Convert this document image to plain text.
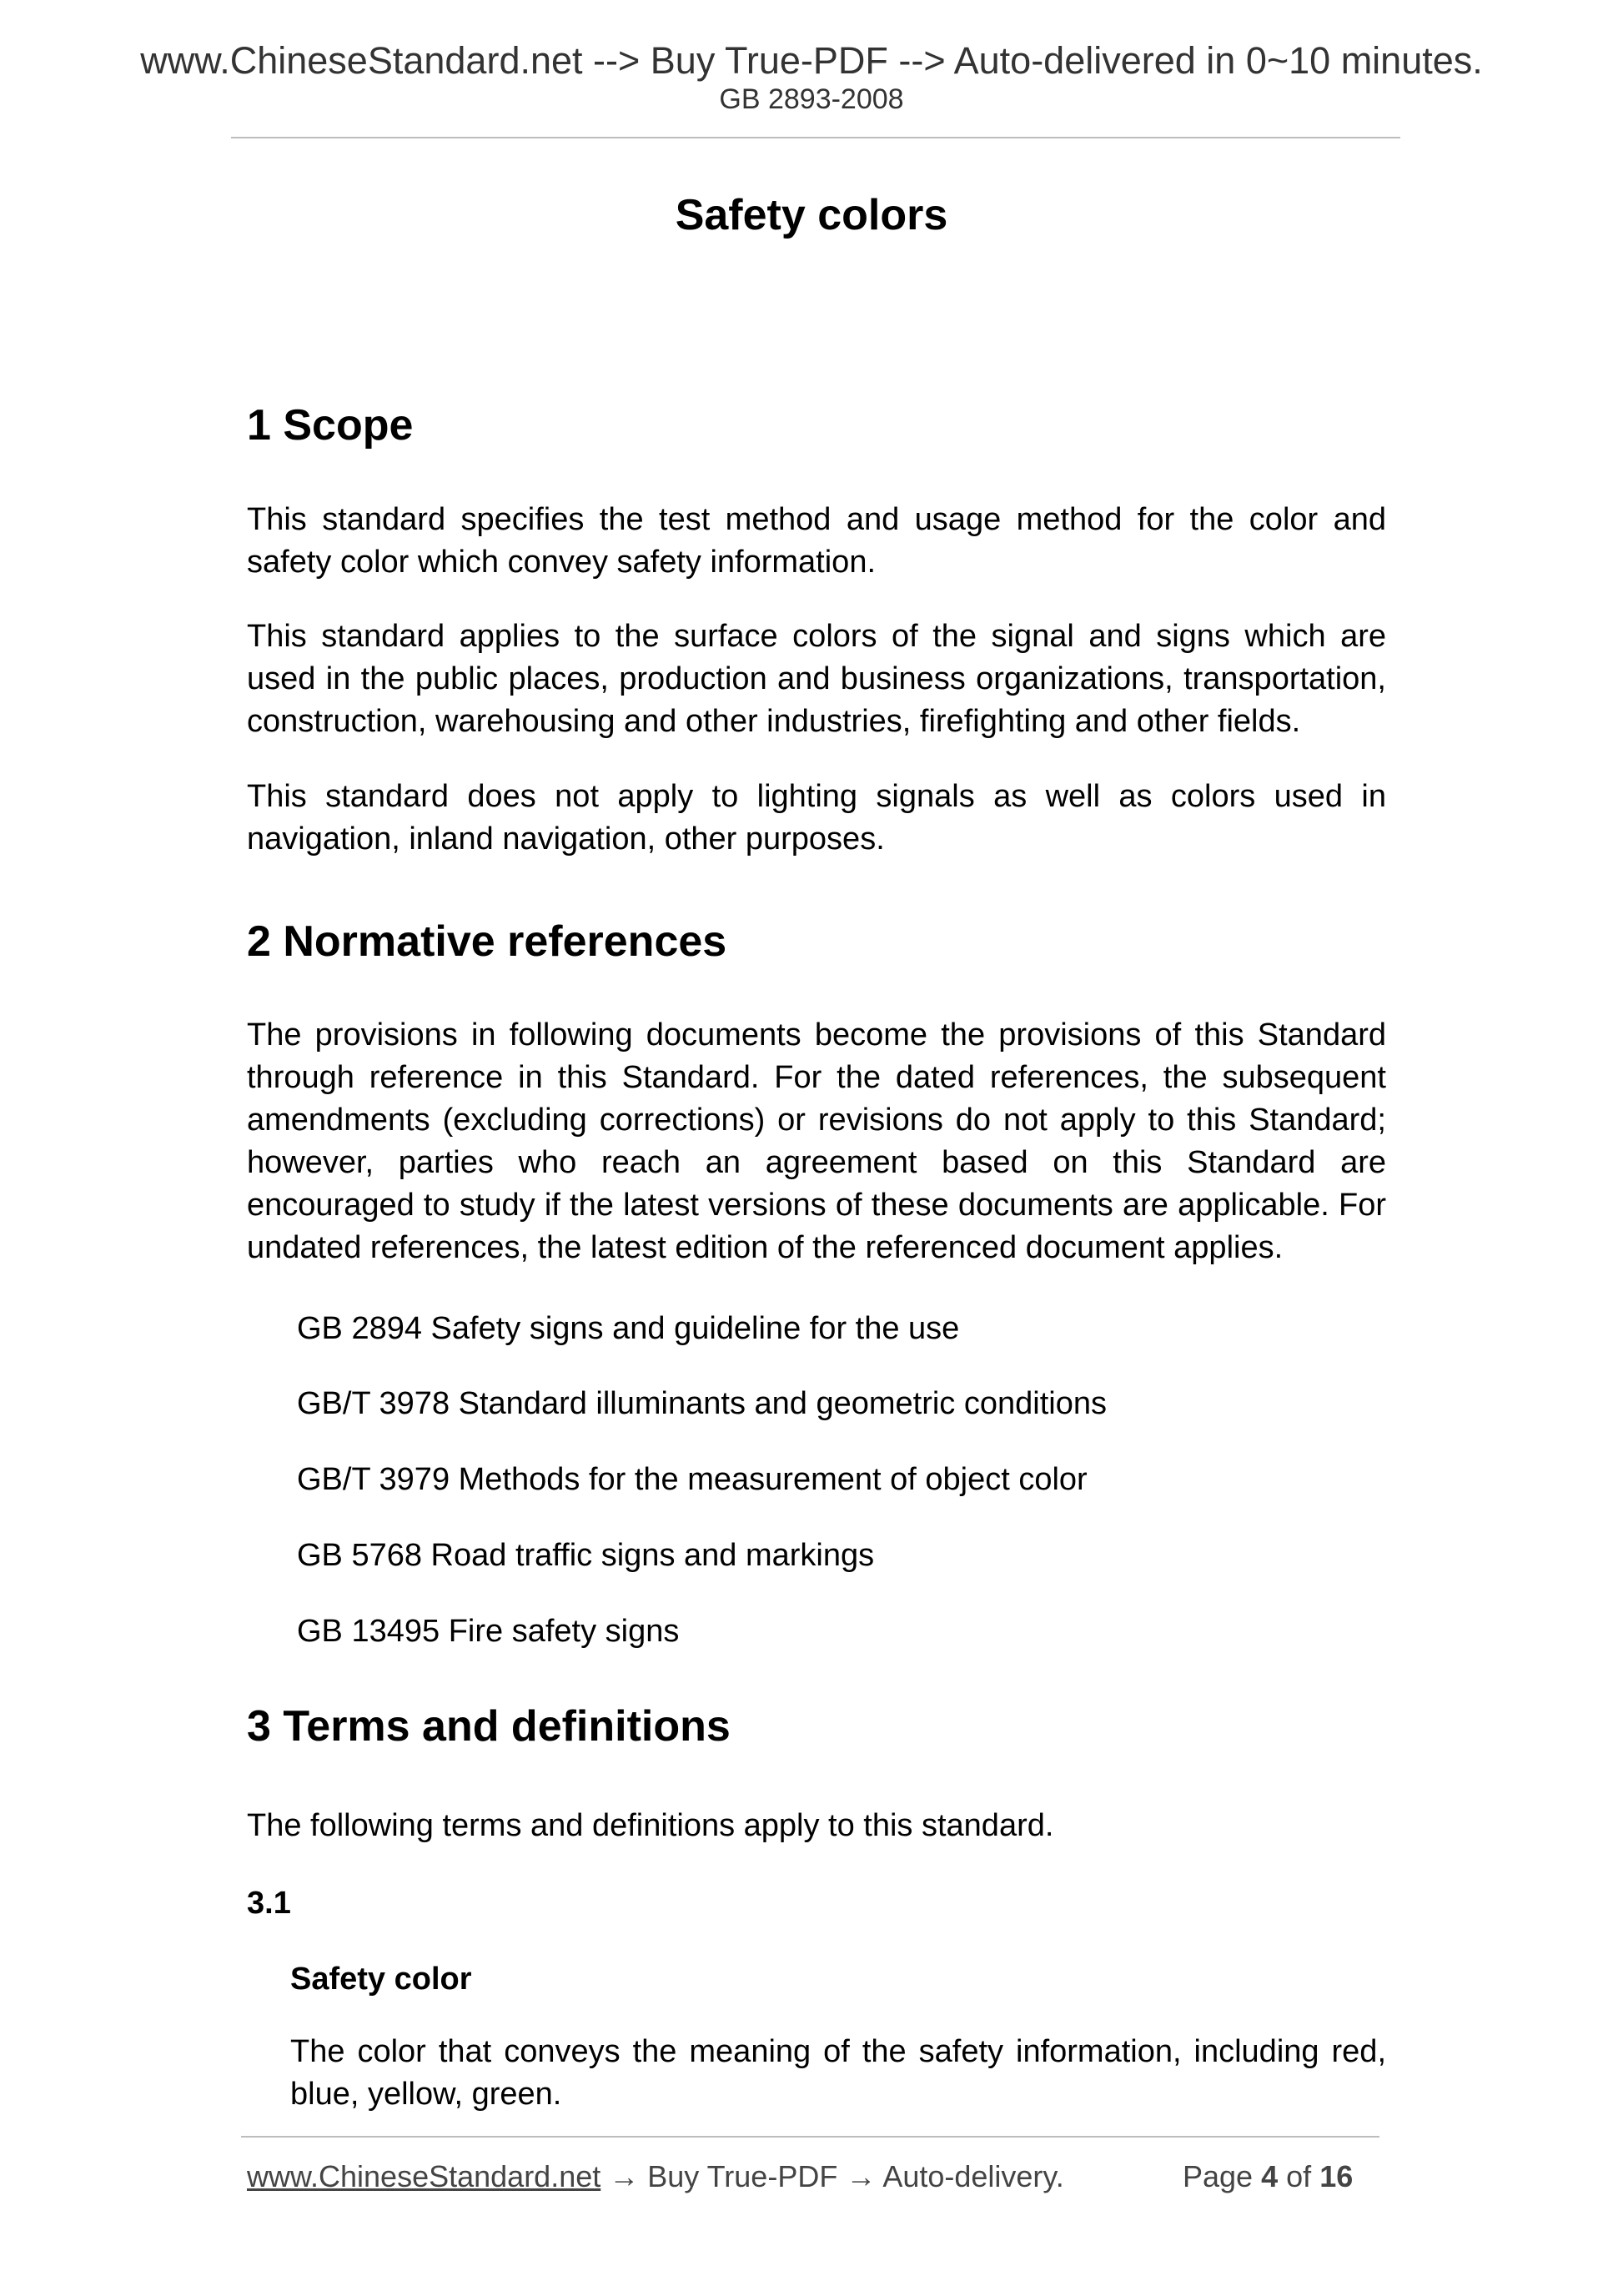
www.ChineseStandard.net --> Buy True-PDF --> Auto-delivered in 0~10 minutes.
GB 2893-2008
Safety colors
1 Scope
This standard specifies the test method and usage method for the color and safety color which convey safety information.
This standard applies to the surface colors of the signal and signs which are used in the public places, production and business organizations, transportation, construction, warehousing and other industries, firefighting and other fields.
This standard does not apply to lighting signals as well as colors used in navigation, inland navigation, other purposes.
2 Normative references
The provisions in following documents become the provisions of this Standard through reference in this Standard. For the dated references, the subsequent amendments (excluding corrections) or revisions do not apply to this Standard; however, parties who reach an agreement based on this Standard are encouraged to study if the latest versions of these documents are applicable. For undated references, the latest edition of the referenced document applies.
GB 2894 Safety signs and guideline for the use
GB/T 3978 Standard illuminants and geometric conditions
GB/T 3979 Methods for the measurement of object color
GB 5768 Road traffic signs and markings
GB 13495 Fire safety signs
3 Terms and definitions
The following terms and definitions apply to this standard.
3.1
Safety color
The color that conveys the meaning of the safety information, including red, blue, yellow, green.
www.ChineseStandard.net → Buy True-PDF → Auto-delivery.	Page 4 of 16
